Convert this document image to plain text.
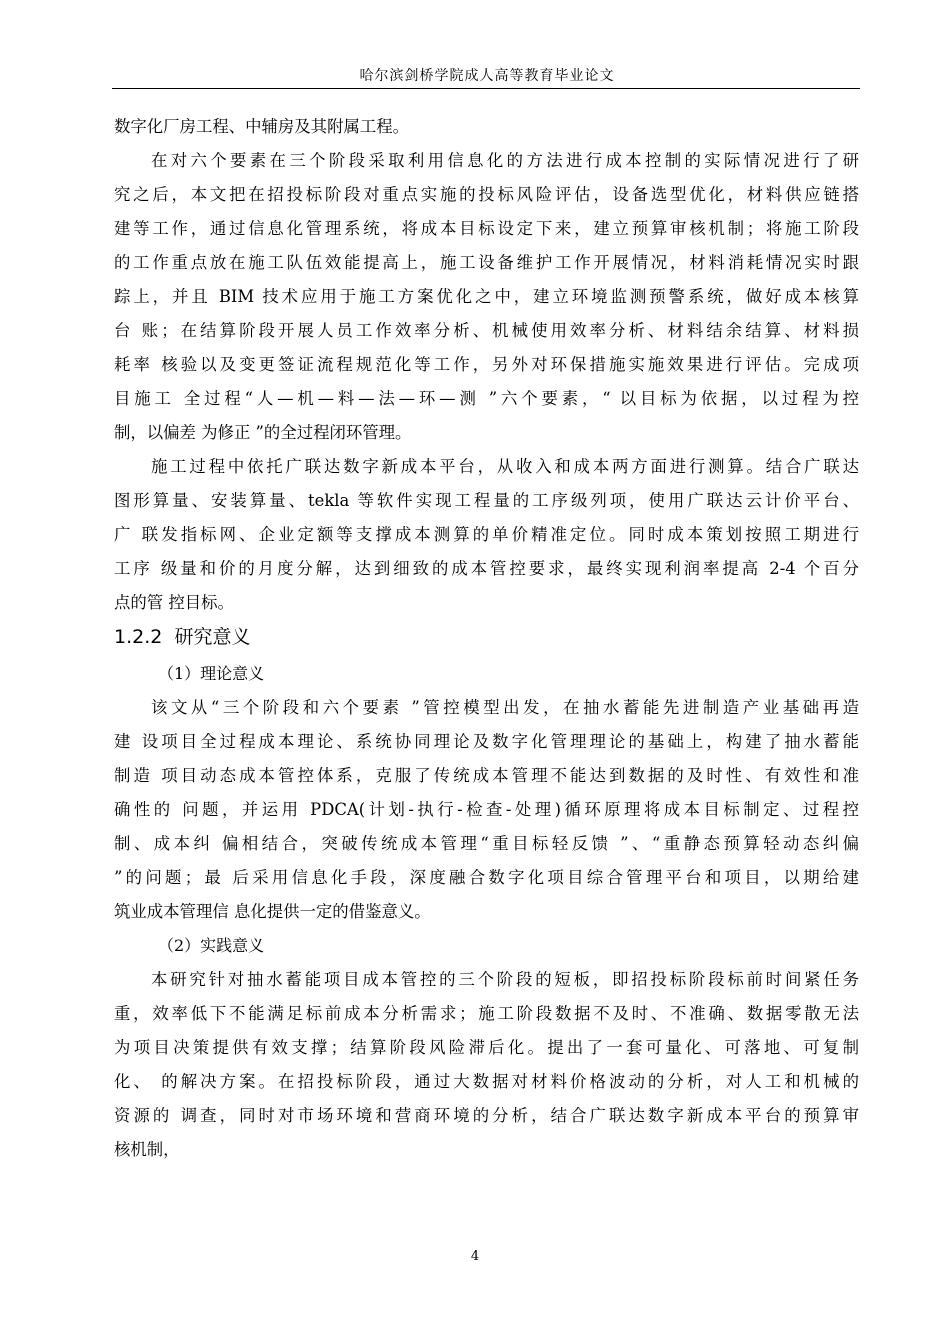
哈尔滨剑桥学院成人高等教育毕业论文
数字化厂房工程、中辅房及其附属工程。
在对六个要素在三个阶段采取利用信息化的方法进行成本控制的实际情况进行了研
究之后，本文把在招投标阶段对重点实施的投标风险评估，设备选型优化，材料供应链搭
建等工作，通过信息化管理系统，将成本目标设定下来，建立预算审核机制；将施工阶段
的工作重点放在施工队伍效能提高上，施工设备维护工作开展情况，材料消耗情况实时跟
踪上，并且 BIM 技术应用于施工方案优化之中，建立环境监测预警系统，做好成本核算
台 账；在结算阶段开展人员工作效率分析、机械使用效率分析、材料结余结算、材料损
耗率 核验以及变更签证流程规范化等工作，另外对环保措施实施效果进行评估。完成项
目施工 全过程“人—机—料—法—环—测 ”六个要素，“ 以目标为依据，以过程为控
制，以偏差 为修正 ”的全过程闭环管理。
施工过程中依托广联达数字新成本平台，从收入和成本两方面进行测算。结合广联达
图形算量、安装算量、tekla 等软件实现工程量的工序级列项，使用广联达云计价平台、
广 联发指标网、企业定额等支撑成本测算的单价精准定位。同时成本策划按照工期进行
工序 级量和价的月度分解，达到细致的成本管控要求，最终实现利润率提高 2-4 个百分
点的管 控目标。
1.2.2 研究意义
（1）理论意义
该文从“三个阶段和六个要素 ”管控模型出发，在抽水蓄能先进制造产业基础再造
建 设项目全过程成本理论、系统协同理论及数字化管理理论的基础上，构建了抽水蓄能
制造 项目动态成本管控体系，克服了传统成本管理不能达到数据的及时性、有效性和准
确性的 问题，并运用 PDCA(计划-执行-检查-处理)循环原理将成本目标制定、过程控
制、成本纠 偏相结合，突破传统成本管理“重目标轻反馈 ”、“重静态预算轻动态纠偏
”的问题；最 后采用信息化手段，深度融合数字化项目综合管理平台和项目，以期给建
筑业成本管理信 息化提供一定的借鉴意义。
（2）实践意义
本研究针对抽水蓄能项目成本管控的三个阶段的短板，即招投标阶段标前时间紧任务
重，效率低下不能满足标前成本分析需求；施工阶段数据不及时、不准确、数据零散无法
为项目决策提供有效支撑；结算阶段风险滞后化。提出了一套可量化、可落地、可复制
化、 的解决方案。在招投标阶段，通过大数据对材料价格波动的分析，对人工和机械的
资源的 调查，同时对市场环境和营商环境的分析，结合广联达数字新成本平台的预算审
核机制，
4
